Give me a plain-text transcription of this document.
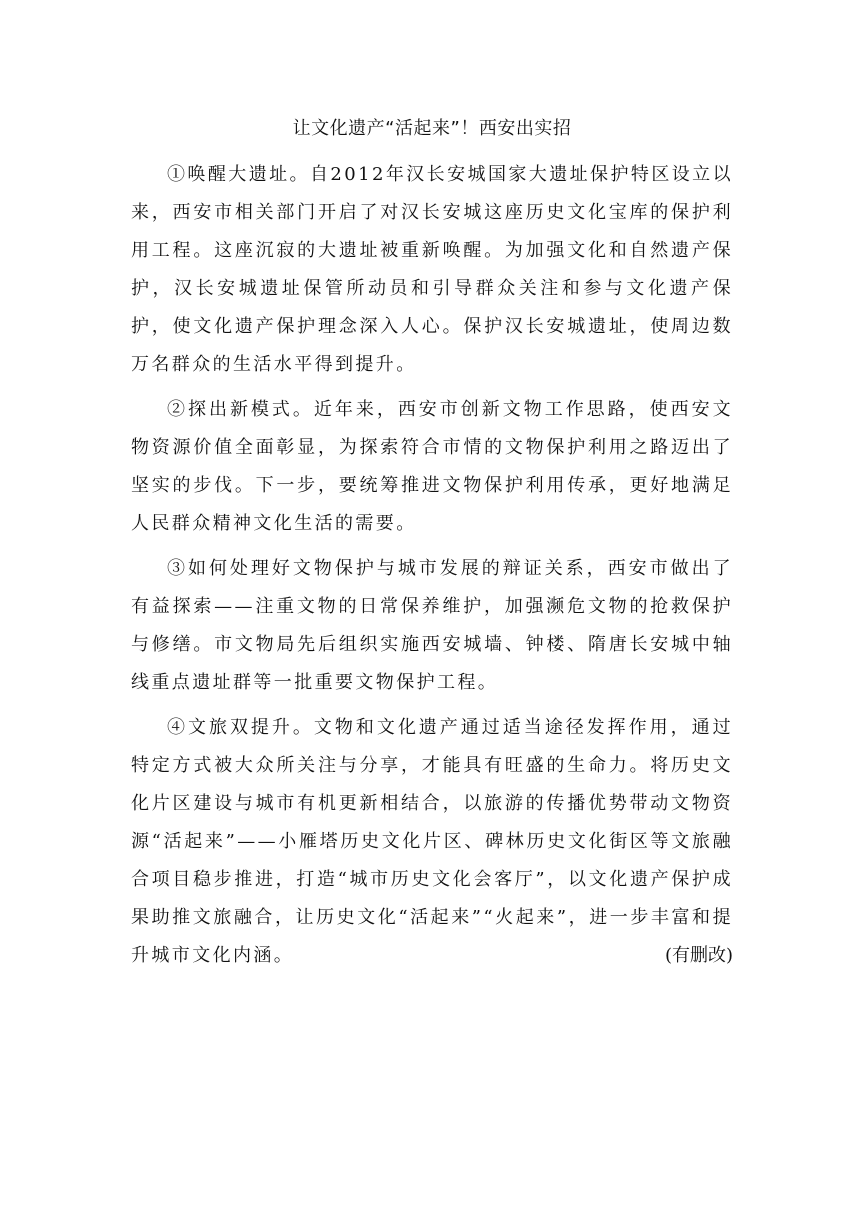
让文化遗产“活起来”！西安出实招

①唤醒大遗址。自2012年汉长安城国家大遗址保护特区设立以来，西安市相关部门开启了对汉长安城这座历史文化宝库的保护利用工程。这座沉寂的大遗址被重新唤醒。为加强文化和自然遗产保护，汉长安城遗址保管所动员和引导群众关注和参与文化遗产保护，使文化遗产保护理念深入人心。保护汉长安城遗址，使周边数万名群众的生活水平得到提升。

②探出新模式。近年来，西安市创新文物工作思路，使西安文物资源价值全面彰显，为探索符合市情的文物保护利用之路迈出了坚实的步伐。下一步，要统筹推进文物保护利用传承，更好地满足人民群众精神文化生活的需要。

③如何处理好文物保护与城市发展的辩证关系，西安市做出了有益探索——注重文物的日常保养维护，加强濒危文物的抢救保护与修缮。市文物局先后组织实施西安城墙、钟楼、隋唐长安城中轴线重点遗址群等一批重要文物保护工程。

④文旅双提升。文物和文化遗产通过适当途径发挥作用，通过特定方式被大众所关注与分享，才能具有旺盛的生命力。将历史文化片区建设与城市有机更新相结合，以旅游的传播优势带动文物资源“活起来”——小雁塔历史文化片区、碑林历史文化街区等文旅融合项目稳步推进，打造“城市历史文化会客厅”，以文化遗产保护成果助推文旅融合，让历史文化“活起来”“火起来”，进一步丰富和提升城市文化内涵。	(有删改)
